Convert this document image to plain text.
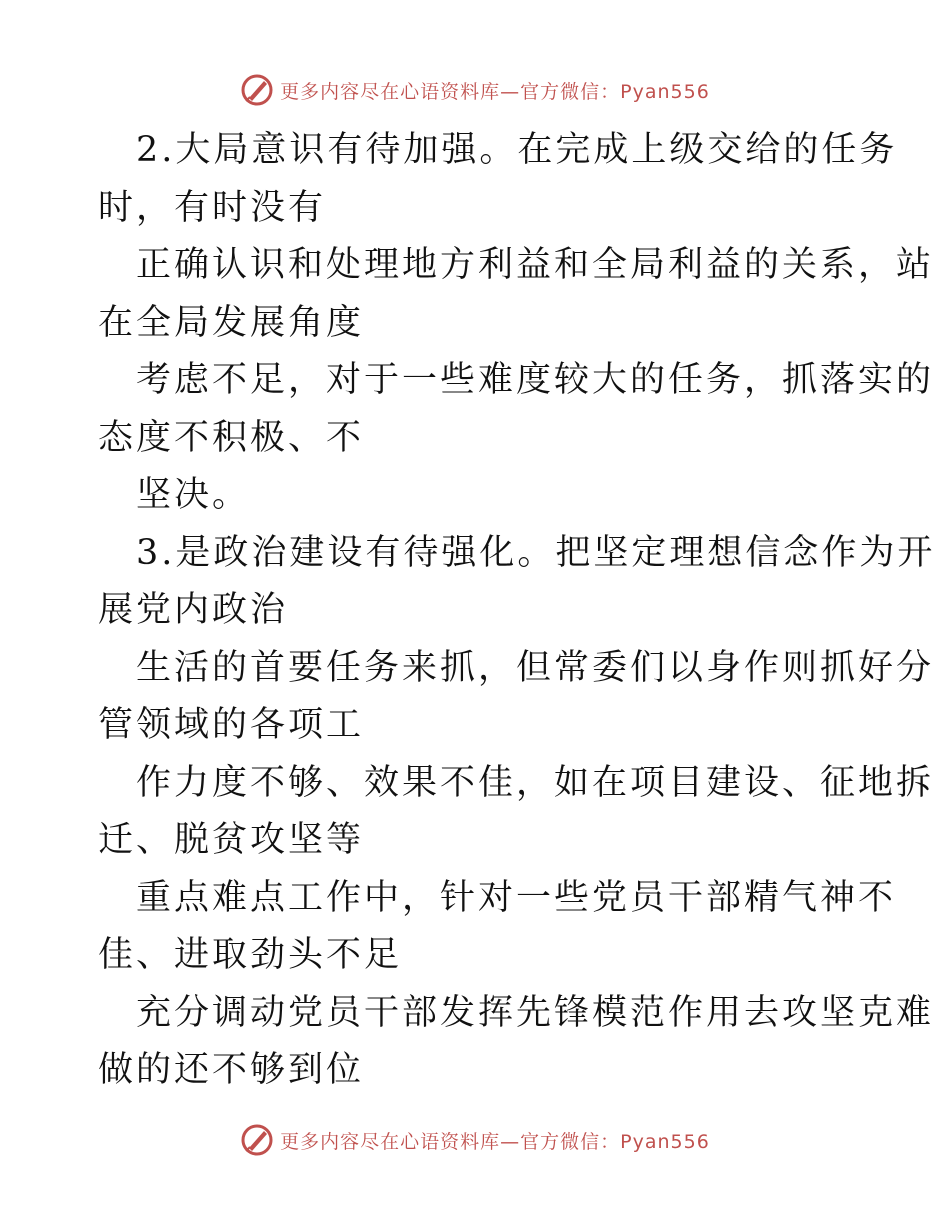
更多内容尽在心语资料库—官方微信：Pyan556
2.大局意识有待加强。在完成上级交给的任务
时，有时没有
正确认识和处理地方利益和全局利益的关系，站
在全局发展角度
考虑不足，对于一些难度较大的任务，抓落实的
态度不积极、不
坚决。
3.是政治建设有待强化。把坚定理想信念作为开
展党内政治
生活的首要任务来抓，但常委们以身作则抓好分
管领域的各项工
作力度不够、效果不佳，如在项目建设、征地拆
迁、脱贫攻坚等
重点难点工作中，针对一些党员干部精气神不
佳、进取劲头不足
充分调动党员干部发挥先锋模范作用去攻坚克难
做的还不够到位
更多内容尽在心语资料库—官方微信：Pyan556
